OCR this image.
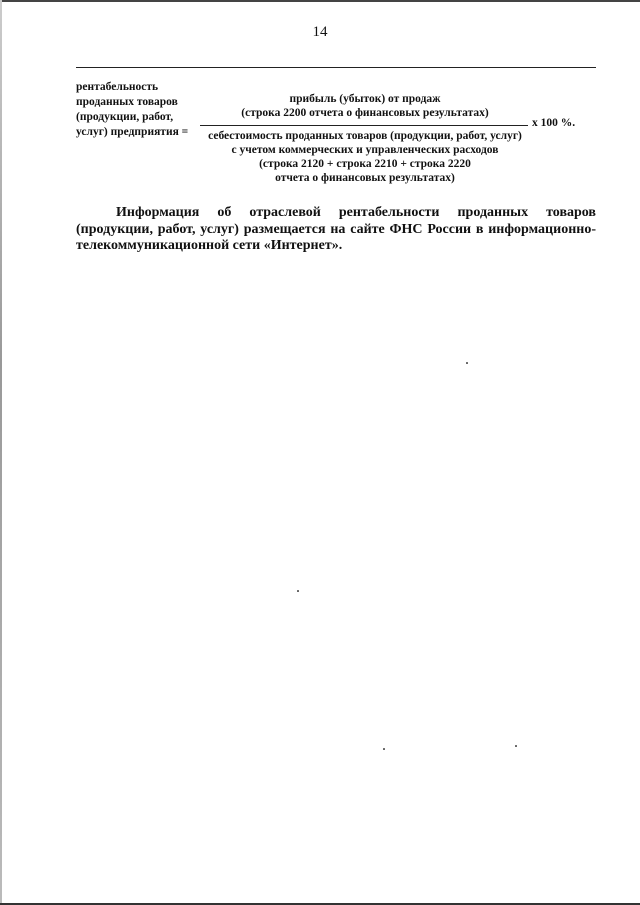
14
рентабельность
проданных товаров
(продукции, работ,
услуг) предприятия =
прибыль (убыток) от продаж
(строка 2200 отчета о финансовых результатах)
x 100 %.
себестоимость проданных товаров (продукции, работ, услуг)
с учетом коммерческих и управленческих расходов
(строка 2120 + строка 2210 + строка 2220
отчета о финансовых результатах)
Информация об отраслевой рентабельности проданных товаров (продукции, работ, услуг) размещается на сайте ФНС России в информационно-телекоммуникационной сети «Интернет».
